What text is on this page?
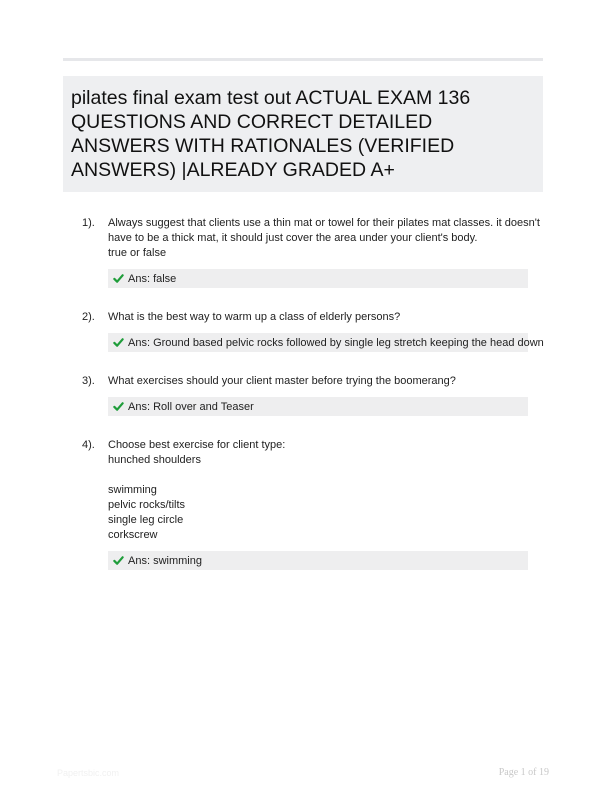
pilates final exam test out ACTUAL EXAM 136 QUESTIONS AND CORRECT DETAILED ANSWERS WITH RATIONALES (VERIFIED ANSWERS) |ALREADY GRADED A+
1). Always suggest that clients use a thin mat or towel for their pilates mat classes. it doesn't have to be a thick mat, it should just cover the area under your client's body.
true or false

Ans: false
2). What is the best way to warm up a class of elderly persons?

Ans: Ground based pelvic rocks followed by single leg stretch keeping the head down
3). What exercises should your client master before trying the boomerang?

Ans: Roll over and Teaser
4). Choose best exercise for client type:
hunched shoulders

swimming
pelvic rocks/tilts
single leg circle
corkscrew

Ans: swimming
Papertsbic.com	Page 1 of 19
